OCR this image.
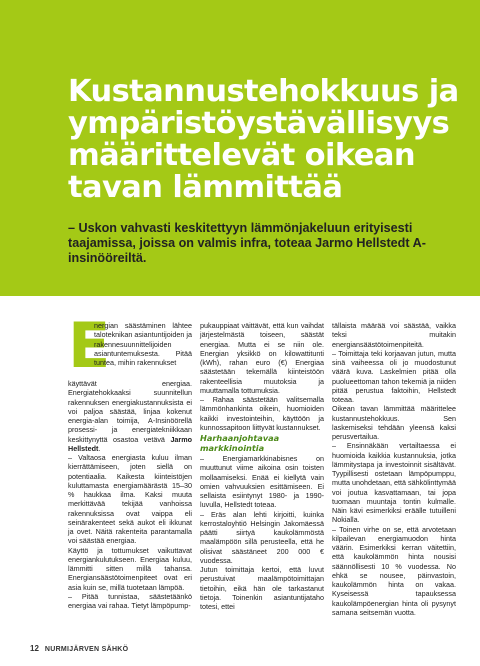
Kustannustehokkuus ja ympäristöystävällisyys määrittelevät oikean tavan lämmittää

– Uskon vahvasti keskitettyyn lämmönjakeluun erityisesti taajamissa, joissa on valmis infra, toteaa Jarmo Hellstedt A-insinööreiltä.

E

nergian säästäminen lähtee taloteknikan asiantuntijoiden ja rakennesuunnittelijoiden asiantuntemuksesta. Pitää tuntea, mihin rakennukset

käyttävät energiaa. Energiatehokkaaksi suunnitellun rakennuksen energiakustannuksista ei voi paljoa säästää, linjaa kokenut energia-alan toimija, A-Insinöörellä prosessi- ja energiatekniikkaan keskittynyttä osastoa vetävä Jarmo Hellstedt.
– Valtaosa energiasta kuluu ilman kierrättämiseen, joten siellä on potentiaalia. Kaikesta kiinteistöjen kuluttamasta energiamäärästä 15–30 % haukkaa ilma. Kaksi muuta merkittävää tekijää vanhoissa rakennuksissa ovat vaippa eli seinärakenteet sekä aukot eli ikkunat ja ovet. Näitä rakenteita parantamalla voi säästää energiaa.
Käyttö ja tottumukset vaikuttavat energiankulutukseen. Energiaa kuluu, lämmitti sitten millä tahansa. Energiansäästötoimenpiteet ovat eri asia kuin se, millä tuotetaan lämpöä.
– Pitää tunnistaa, säästetäänkö energiaa vai rahaa. Tietyt lämpöpump-

pukauppiaat väittävät, että kun vaihdat järjestelmästä toiseen, säästät energiaa. Mutta ei se niin ole. Energian yksikkö on kilowattitunti (kWh), rahan euro (€) Energiaa säästetään tekemällä kiinteistöön rakenteellisia muutoksia ja muuttamalla tottumuksia.
– Rahaa säästetään valitsemalla lämmönhankinta oikein, huomioiden kaikki investointeihin, käyttöön ja kunnossapitoon liittyvät kustannukset.

Harhaanjohtavaa markkinointia

– Energiamarkkinabisnes on muuttunut viime aikoina osin toisten mollaamiseksi. Enää ei kiellytä vain omien vahvuuksien esittämiseen. Ei sellaista esiintynyt 1980- ja 1990-luvulla, Hellstedt toteaa.
– Eräs alan lehti kirjoitti, kuinka kerrostaloyhtiö Helsingin Jakomäessä päätti siirtyä kaukolämmöstä maalämpöön sillä perusteella, että he olisivat säästäneet 200 000 € vuodessa.
Jutun toimittaja kertoi, että luvut perustuivat maalämpötoimittajan tietoihin, eikä hän ole tarkastanut tietoja. Toinenkin asiantuntijataho totesi, ettei

tällaista määrää voi säästää, vaikka teksi muitakin energiansäästötoimenpiteitä.
– Toimittaja teki korjaavan jutun, mutta sinä vaiheessa oli jo muodostunut väärä kuva. Laskelmien pitää olla puolueettoman tahon tekemiä ja niiden pitää perustua faktoihin, Hellstedt toteaa.
Oikean tavan lämmittää määrittelee kustannustehokkuus. Sen laskemiseksi tehdään yleensä kaksi perusvertailua.
– Ensinnäkään vertailtaessa ei huomioida kaikkia kustannuksia, jotka lämmitystapa ja investoinnit sisältävät. Tyypillisesti ostetaan lämpöpumppu, mutta unohdetaan, että sähkölinttymää voi joutua kasvattamaan, tai jopa tuomaan muuntaja tontin kulmalle. Näin kävi esimerkiksi eräälle tutuilleni Nokialla.
– Toinen virhe on se, että arvotetaan kilpailevan energiamuodon hinta väärin. Esimerkiksi kerran väitettiin, että kaukolämmön hinta nousisi säännöllisesti 10 % vuodessa. No ehkä se nousee, päinvastoin, kaukolämmön hinta on vakaa. Kyseisessä tapauksessa kaukolämpöenergian hinta oli pysynyt samana seitsemän vuotta.

12 NURMIJÄRVEN SÄHKÖ
